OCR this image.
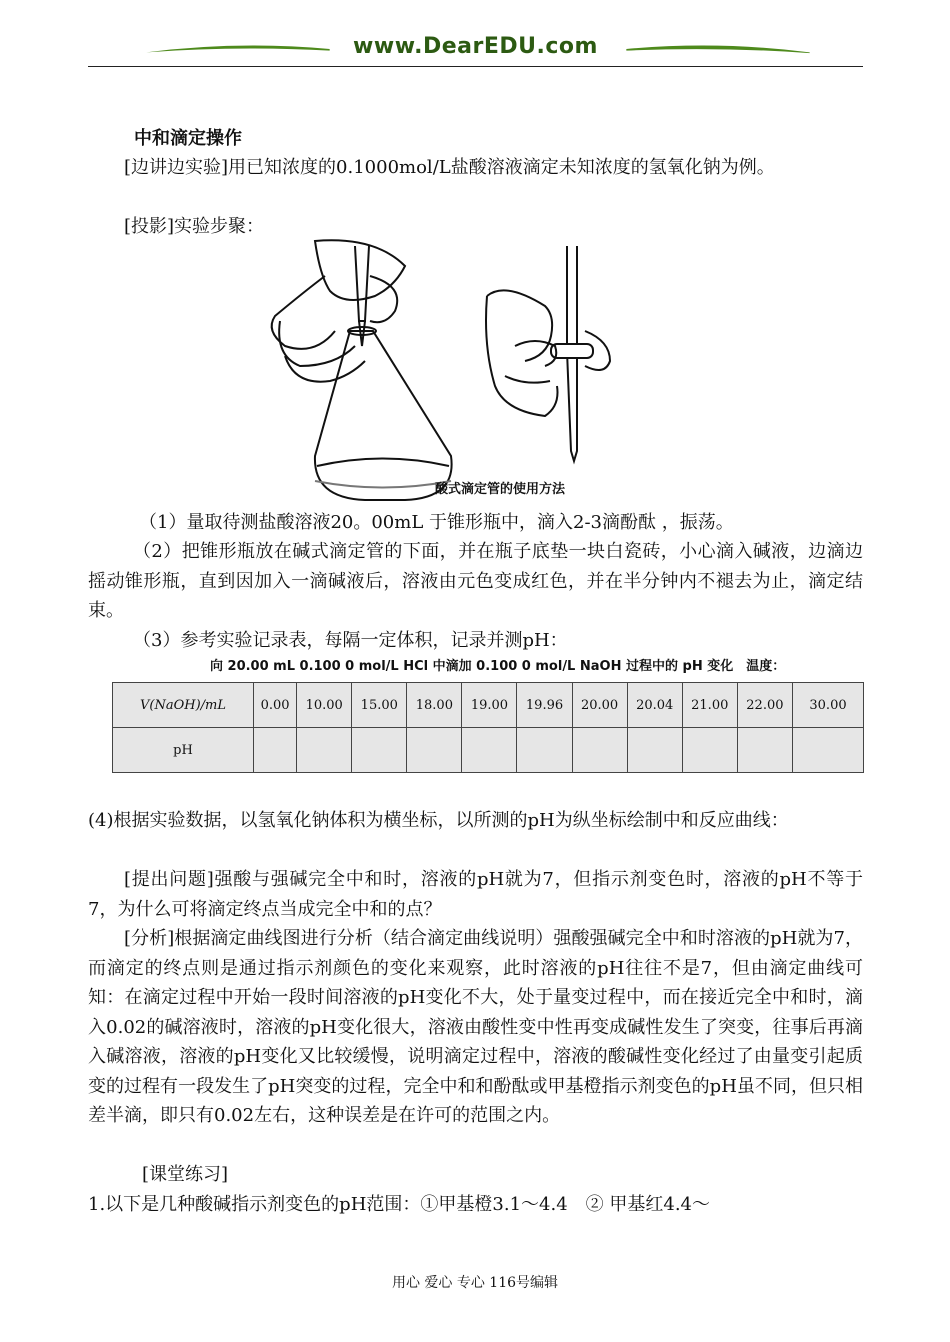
www.DearEDU.com
中和滴定操作

[边讲边实验]用已知浓度的0.1000mol/L盐酸溶液滴定未知浓度的氢氧化钠为例。

[投影]实验步聚：

酸式滴定管的使用方法

（1）量取待测盐酸溶液20。00mL 于锥形瓶中，滴入2-3滴酚酞 ，振荡。

（2）把锥形瓶放在碱式滴定管的下面，并在瓶子底垫一块白瓷砖，小心滴入碱液，边滴边摇动锥形瓶，直到因加入一滴碱液后，溶液由元色变成红色，并在半分钟内不褪去为止，滴定结束。

（3）参考实验记录表，每隔一定体积，记录并测pH：

向 20.00 mL 0.100 0 mol/L HCl 中滴加 0.100 0 mol/L NaOH 过程中的 pH 变化　温度：
V(NaOH)/mL	0.00	10.00	15.00	18.00	19.00	19.96	20.00	20.04	21.00	22.00	30.00
pH											

(4)根据实验数据，以氢氧化钠体积为横坐标，以所测的pH为纵坐标绘制中和反应曲线：

[提出问题]强酸与强碱完全中和时，溶液的pH就为7，但指示剂变色时，溶液的pH不等于7，为什么可将滴定终点当成完全中和的点？

[分析]根据滴定曲线图进行分析（结合滴定曲线说明）强酸强碱完全中和时溶液的pH就为7，而滴定的终点则是通过指示剂颜色的变化来观察，此时溶液的pH往往不是7，但由滴定曲线可知：在滴定过程中开始一段时间溶液的pH变化不大，处于量变过程中，而在接近完全中和时，滴入0.02的碱溶液时，溶液的pH变化很大，溶液由酸性变中性再变成碱性发生了突变，往事后再滴入碱溶液，溶液的pH变化又比较缓慢，说明滴定过程中，溶液的酸碱性变化经过了由量变引起质变的过程有一段发生了pH突变的过程，完全中和和酚酞或甲基橙指示剂变色的pH虽不同，但只相差半滴，即只有0.02左右，这种误差是在许可的范围之内。

[课堂练习]

1.以下是几种酸碱指示剂变色的pH范围：①甲基橙3.1～4.4　② 甲基红4.4～

用心 爱心 专心 116号编辑
